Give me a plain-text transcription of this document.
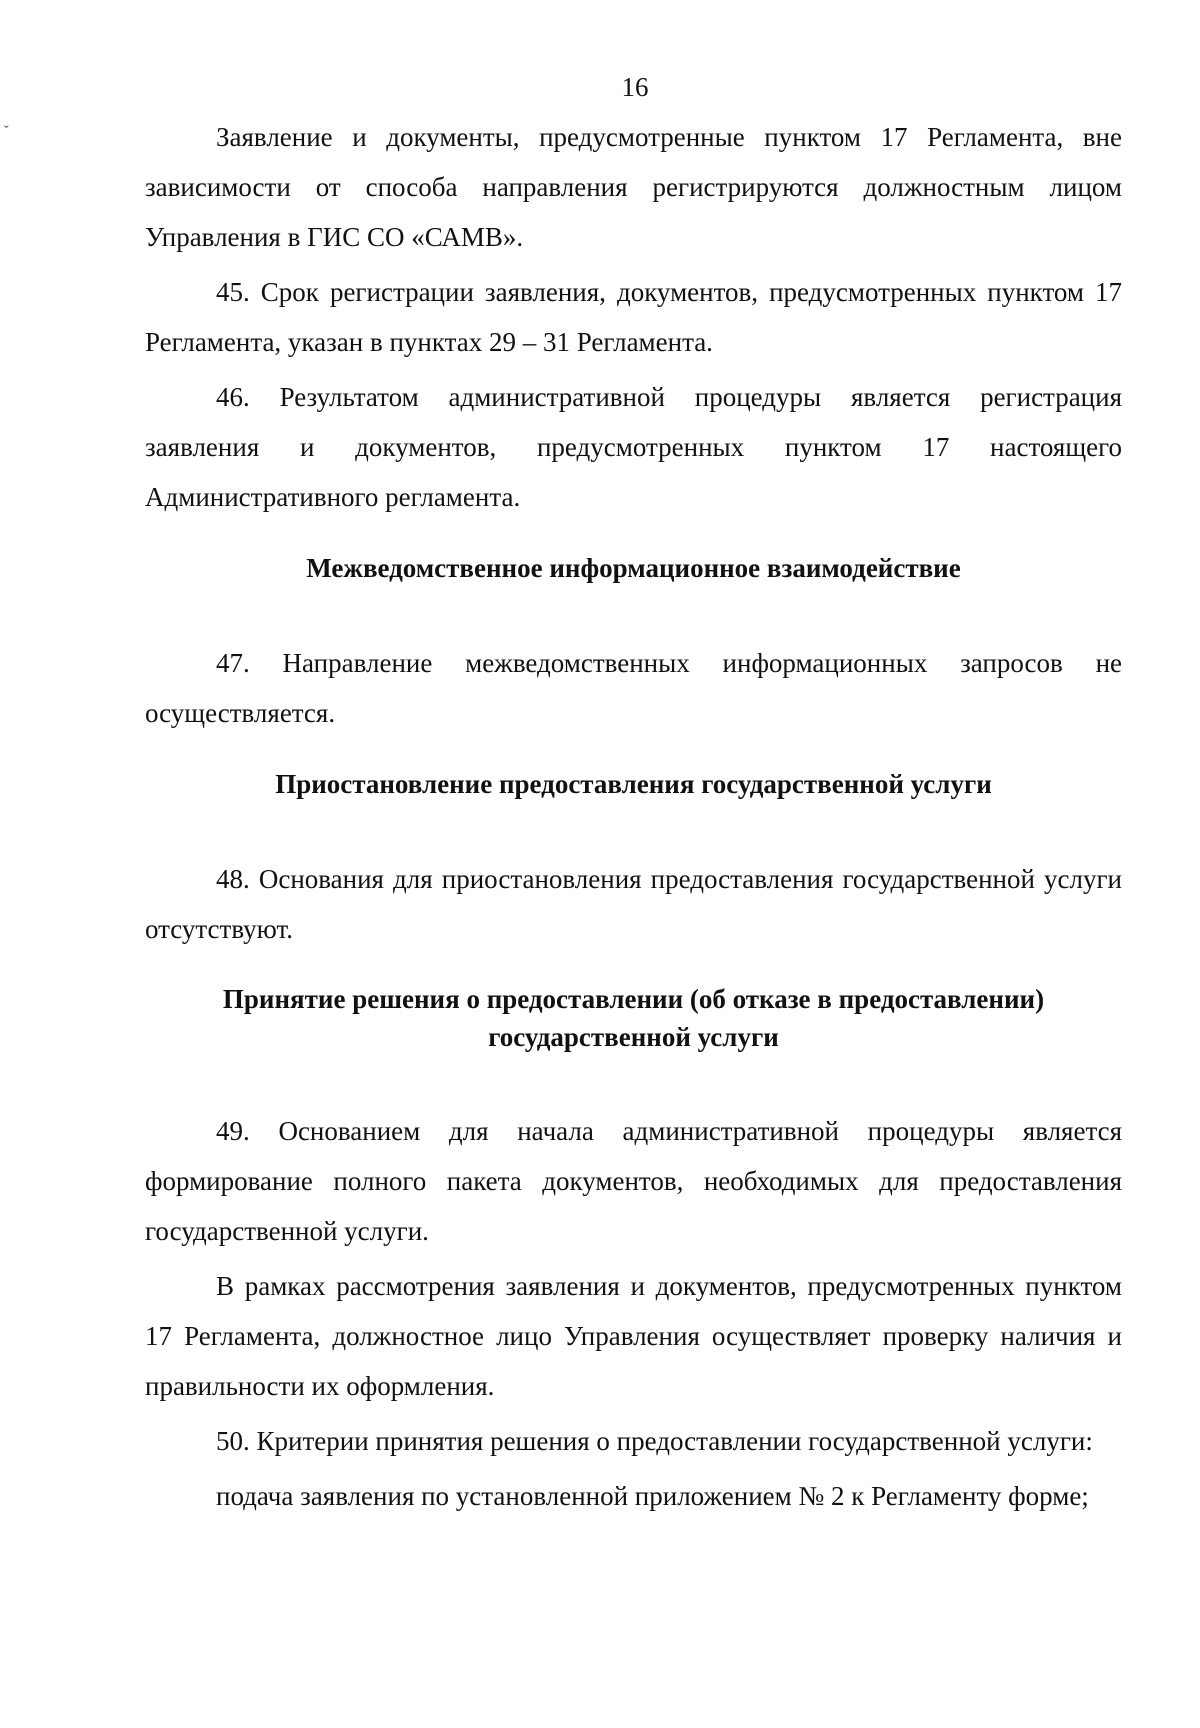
16
ˇ	Заявление и документы, предусмотренные пунктом 17 Регламента, вне зависимости от способа направления регистрируются должностным лицом Управления в ГИС СО «САМВ».

45. Срок регистрации заявления, документов, предусмотренных пунктом 17 Регламента, указан в пунктах 29 – 31 Регламента.

46. Результатом административной процедуры является регистрация заявления и документов, предусмотренных пунктом 17 настоящего Административного регламента.

Межведомственное информационное взаимодействие

47. Направление межведомственных информационных запросов не осуществляется.

Приостановление предоставления государственной услуги

48. Основания для приостановления предоставления государственной услуги отсутствуют.

Принятие решения о предоставлении (об отказе в предоставлении)
государственной услуги

49. Основанием для начала административной процедуры является формирование полного пакета документов, необходимых для предоставления государственной услуги.

В рамках рассмотрения заявления и документов, предусмотренных пунктом 17 Регламента, должностное лицо Управления осуществляет проверку наличия и правильности их оформления.

50. Критерии принятия решения о предоставлении государственной услуги:

подача заявления по установленной приложением № 2 к Регламенту форме;
